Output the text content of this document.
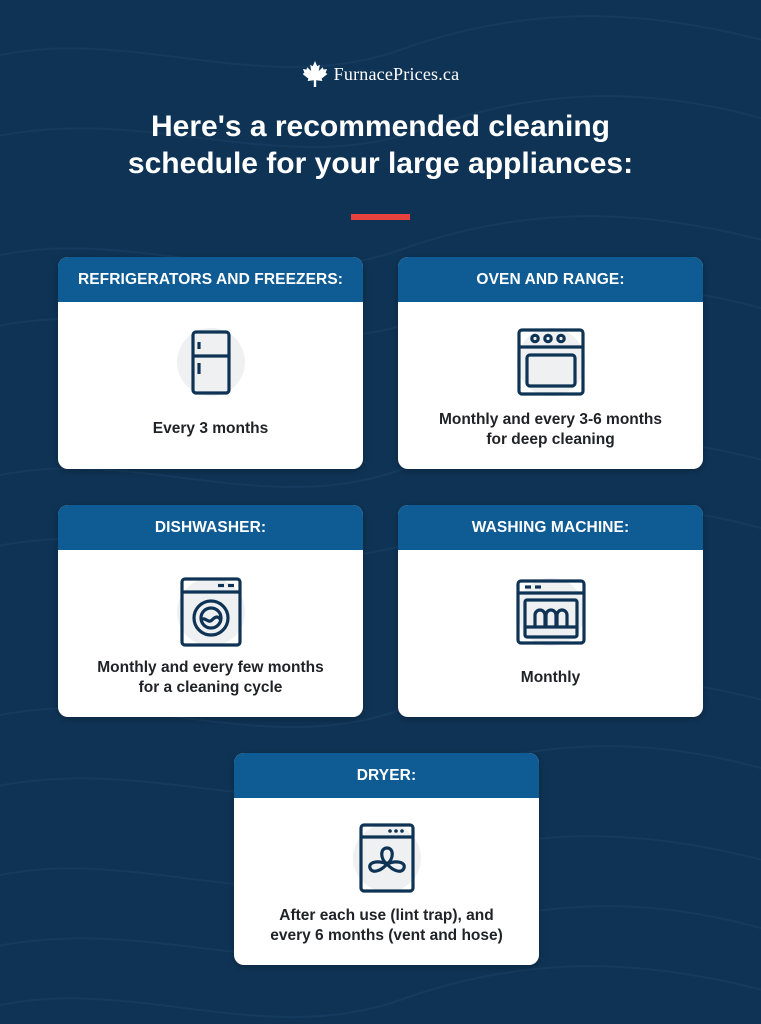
FurnacePrices.ca
Here's a recommended cleaning
schedule for your large appliances:
REFRIGERATORS AND FREEZERS:
Every 3 months
OVEN AND RANGE:
Monthly and every 3-6 months
for deep cleaning
DISHWASHER:
Monthly and every few months
for a cleaning cycle
WASHING MACHINE:
Monthly
DRYER:
After each use (lint trap), and
every 6 months (vent and hose)
